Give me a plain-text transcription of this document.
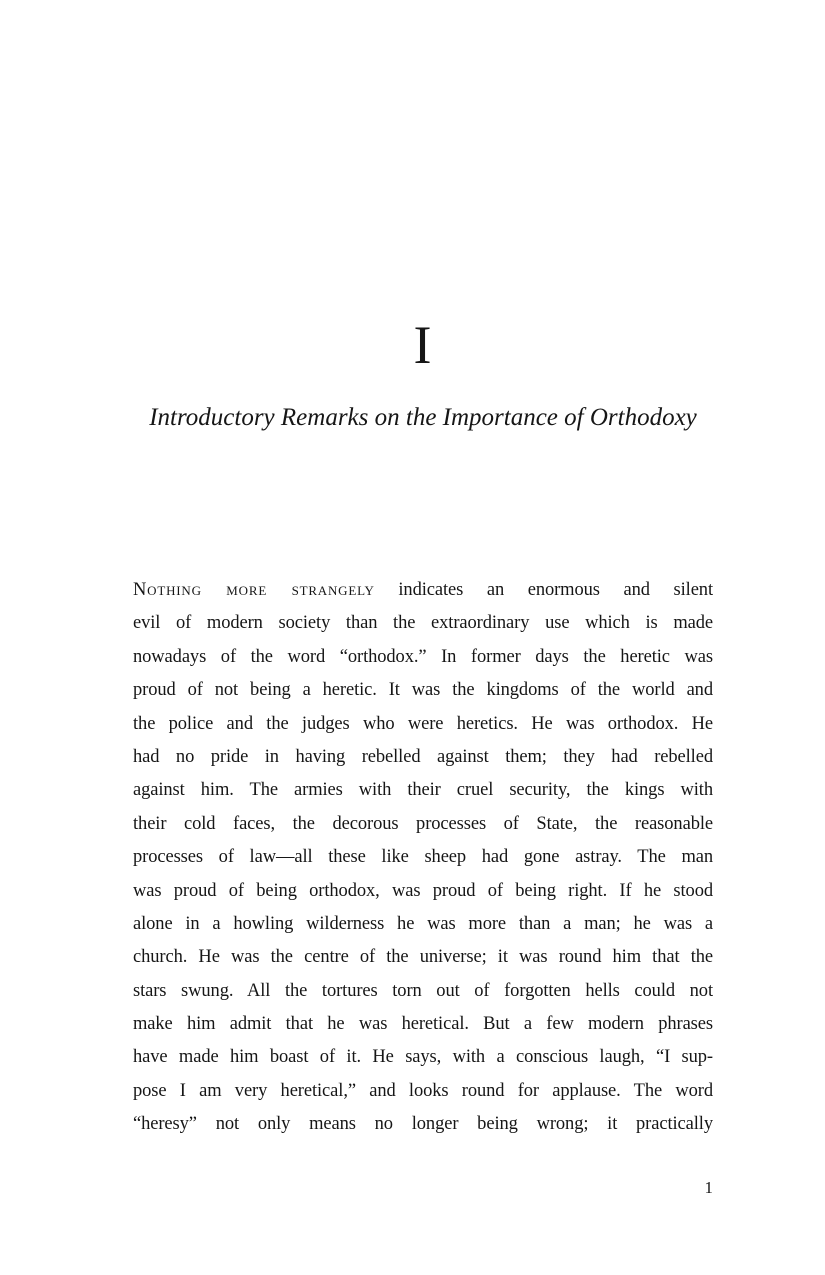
I
Introductory Remarks on the Importance of Orthodoxy
Nothing more strangely indicates an enormous and silent
evil of modern society than the extraordinary use which is made
nowadays of the word “orthodox.” In former days the heretic was
proud of not being a heretic. It was the kingdoms of the world and
the police and the judges who were heretics. He was orthodox. He
had no pride in having rebelled against them; they had rebelled
against him. The armies with their cruel security, the kings with
their cold faces, the decorous processes of State, the reasonable
processes of law—all these like sheep had gone astray. The man
was proud of being orthodox, was proud of being right. If he stood
alone in a howling wilderness he was more than a man; he was a
church. He was the centre of the universe; it was round him that the
stars swung. All the tortures torn out of forgotten hells could not
make him admit that he was heretical. But a few modern phrases
have made him boast of it. He says, with a conscious laugh, “I sup-
pose I am very heretical,” and looks round for applause. The word
“heresy” not only means no longer being wrong; it practically
1
